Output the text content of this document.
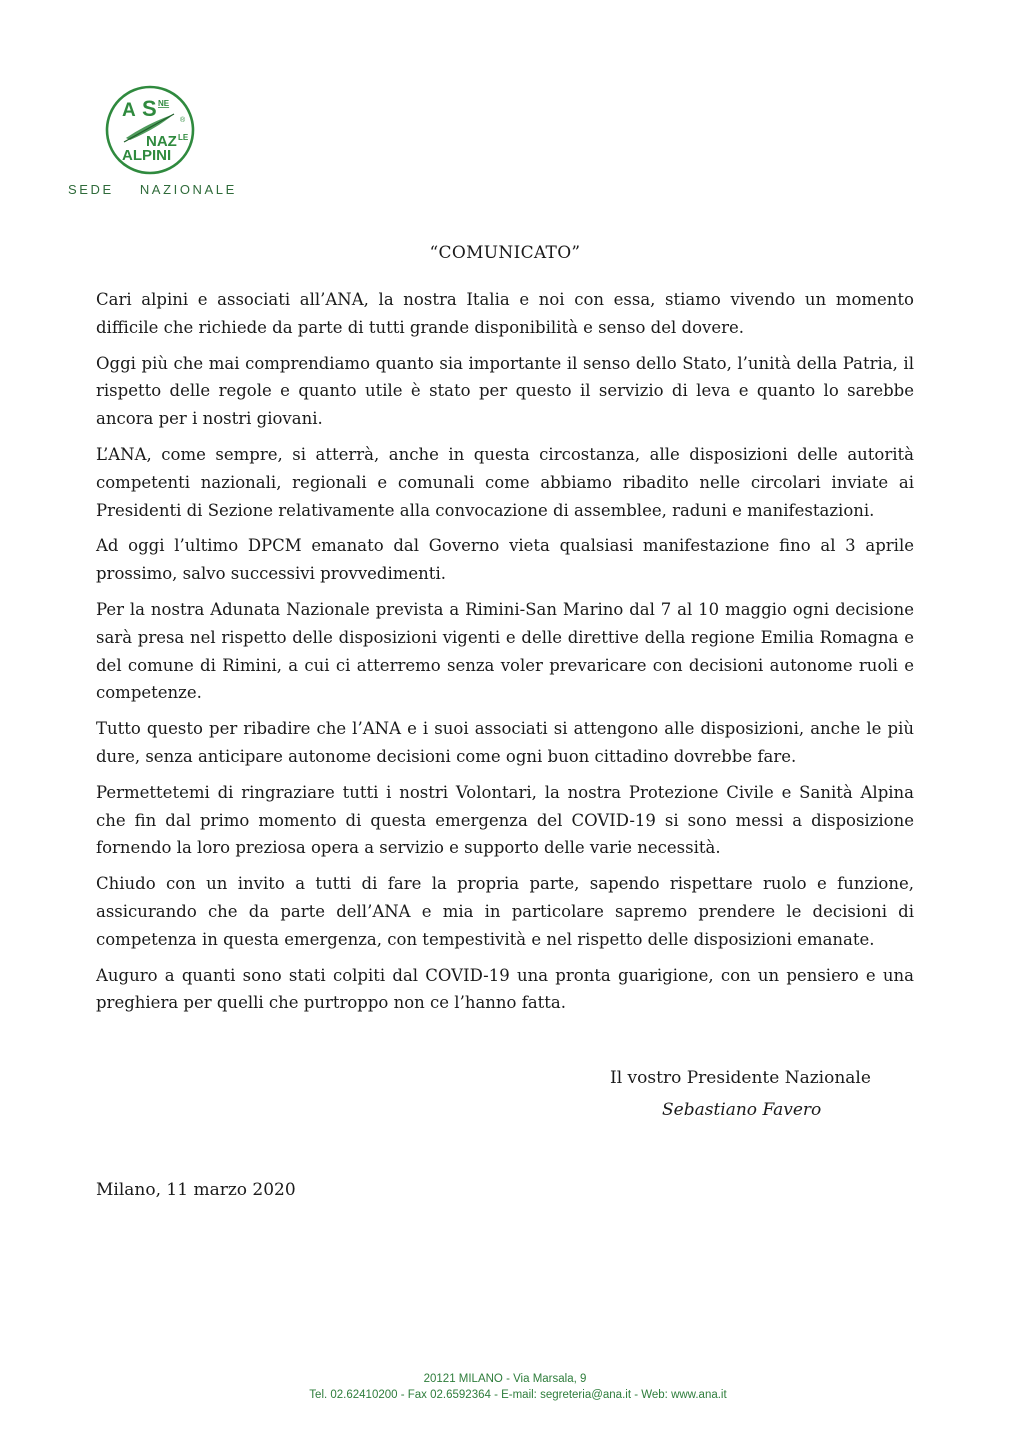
A S NE
®
NAZ LE
ALPINI
SEDE NAZIONALE
“COMUNICATO”

Cari alpini e associati all’ANA, la nostra Italia e noi con essa, stiamo vivendo un momento difficile che richiede da parte di tutti grande disponibilità e senso del dovere.

Oggi più che mai comprendiamo quanto sia importante il senso dello Stato, l’unità della Patria, il rispetto delle regole e quanto utile è stato per questo il servizio di leva e quanto lo sarebbe ancora per i nostri giovani.

L’ANA, come sempre, si atterrà, anche in questa circostanza, alle disposizioni delle autorità competenti nazionali, regionali e comunali come abbiamo ribadito nelle circolari inviate ai Presidenti di Sezione relativamente alla convocazione di assemblee, raduni e manifestazioni.

Ad oggi l’ultimo DPCM emanato dal Governo vieta qualsiasi manifestazione fino al 3 aprile prossimo, salvo successivi provvedimenti.

Per la nostra Adunata Nazionale prevista a Rimini-San Marino dal 7 al 10 maggio ogni decisione sarà presa nel rispetto delle disposizioni vigenti e delle direttive della regione Emilia Romagna e del comune di Rimini, a cui ci atterremo senza voler prevaricare con decisioni autonome ruoli e competenze.

Tutto questo per ribadire che l’ANA e i suoi associati si attengono alle disposizioni, anche le più dure, senza anticipare autonome decisioni come ogni buon cittadino dovrebbe fare.

Permettetemi di ringraziare tutti i nostri Volontari, la nostra Protezione Civile e Sanità Alpina che fin dal primo momento di questa emergenza del COVID-19 si sono messi a disposizione fornendo la loro preziosa opera a servizio e supporto delle varie necessità.

Chiudo con un invito a tutti di fare la propria parte, sapendo rispettare ruolo e funzione, assicurando che da parte dell’ANA e mia in particolare sapremo prendere le decisioni di competenza in questa emergenza, con tempestività e nel rispetto delle disposizioni emanate.

Auguro a quanti sono stati colpiti dal COVID-19 una pronta guarigione, con un pensiero e una preghiera per quelli che purtroppo non ce l’hanno fatta.

Il vostro Presidente Nazionale
Sebastiano Favero
Milano, 11 marzo 2020
20121 MILANO - Via Marsala, 9
Tel. 02.62410200 - Fax 02.6592364 - E-mail: segreteria@ana.it - Web: www.ana.it
